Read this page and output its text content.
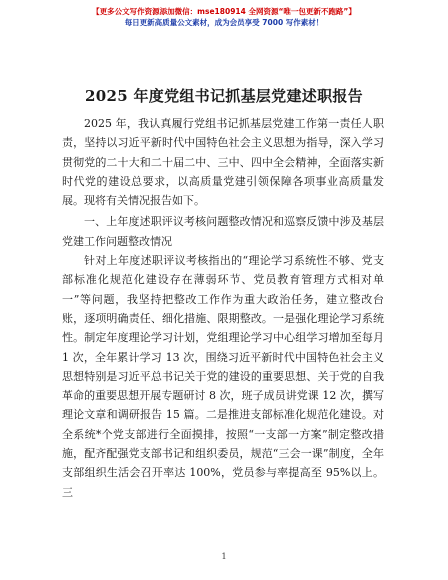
【更多公文写作资源添加微信：mse180914 全网资源“唯一包更新不跑路”】
每日更新高质量公文素材，成为会员享受 7000 写作素材！
2025 年度党组书记抓基层党建述职报告

2025 年，我认真履行党组书记抓基层党建工作第一责任人职责，坚持以习近平新时代中国特色社会主义思想为指导，深入学习贯彻党的二十大和二十届二中、三中、四中全会精神，全面落实新时代党的建设总要求，以高质量党建引领保障各项事业高质量发展。现将有关情况报告如下。

一、上年度述职评议考核问题整改情况和巡察反馈中涉及基层党建工作问题整改情况

针对上年度述职评议考核指出的“理论学习系统性不够、党支部标准化规范化建设存在薄弱环节、党员教育管理方式相对单一”等问题，我坚持把整改工作作为重大政治任务，建立整改台账，逐项明确责任、细化措施、限期整改。一是强化理论学习系统性。制定年度理论学习计划，党组理论学习中心组学习增加至每月 1 次，全年累计学习 13 次，围绕习近平新时代中国特色社会主义思想特别是习近平总书记关于党的建设的重要思想、关于党的自我革命的重要思想开展专题研讨 8 次，班子成员讲党课 12 次，撰写理论文章和调研报告 15 篇。二是推进支部标准化规范化建设。对全系统*个党支部进行全面摸排，按照“一支部一方案”制定整改措施，配齐配强党支部书记和组织委员，规范“三会一课”制度，全年支部组织生活会召开率达 100%，党员参与率提高至 95%以上。三

1
